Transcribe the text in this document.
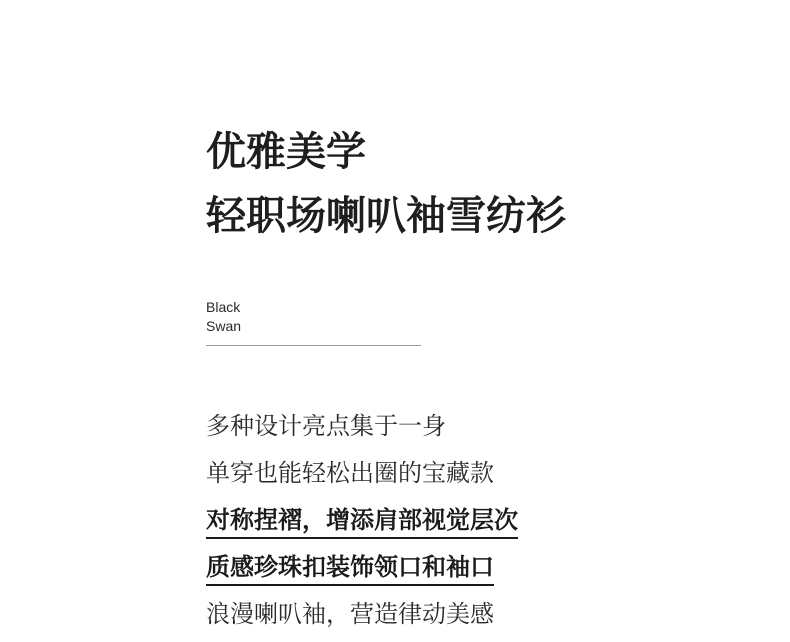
优雅美学

轻职场喇叭袖雪纺衫

Black

Swan

多种设计亮点集于一身

单穿也能轻松出圈的宝藏款

对称捏褶，增添肩部视觉层次

质感珍珠扣装饰领口和袖口

浪漫喇叭袖，营造律动美感
